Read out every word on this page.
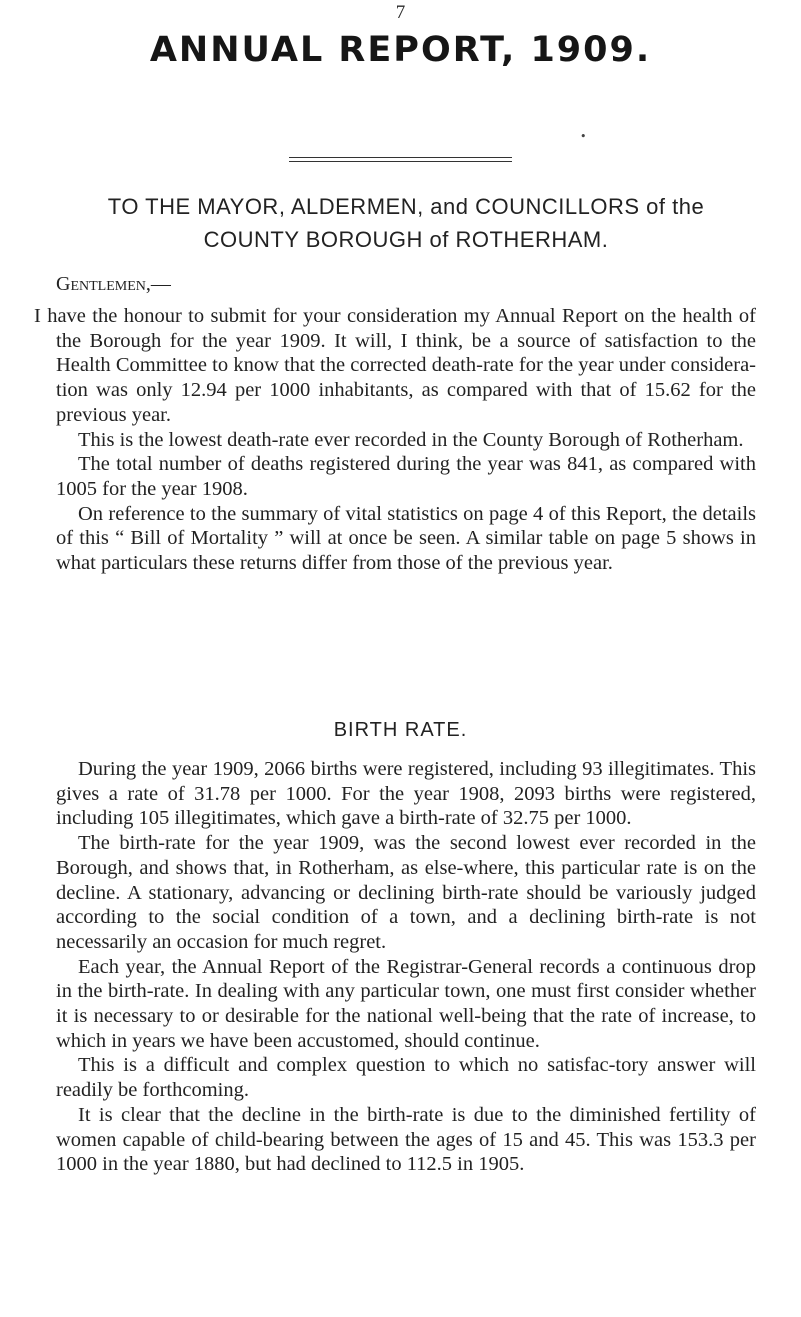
7
ANNUAL REPORT, 1909.
•
TO THE MAYOR, ALDERMEN, and COUNCILLORS of the
COUNTY BOROUGH of ROTHERHAM.
Gentlemen,—

I have the honour to submit for your consideration my Annual Report on the health of the Borough for the year 1909. It will, I think, be a source of satisfaction to the Health Committee to know that the corrected death-rate for the year under considera-tion was only 12.94 per 1000 inhabitants, as compared with that of 15.62 for the previous year.

This is the lowest death-rate ever recorded in the County Borough of Rotherham.

The total number of deaths registered during the year was 841, as compared with 1005 for the year 1908.

On reference to the summary of vital statistics on page 4 of this Report, the details of this “ Bill of Mortality ” will at once be seen. A similar table on page 5 shows in what particulars these returns differ from those of the previous year.

BIRTH RATE.

During the year 1909, 2066 births were registered, including 93 illegitimates. This gives a rate of 31.78 per 1000. For the year 1908, 2093 births were registered, including 105 illegitimates, which gave a birth-rate of 32.75 per 1000.

The birth-rate for the year 1909, was the second lowest ever recorded in the Borough, and shows that, in Rotherham, as else-where, this particular rate is on the decline. A stationary, advancing or declining birth-rate should be variously judged according to the social condition of a town, and a declining birth-rate is not necessarily an occasion for much regret.

Each year, the Annual Report of the Registrar-General records a continuous drop in the birth-rate. In dealing with any particular town, one must first consider whether it is necessary to or desirable for the national well-being that the rate of increase, to which in years we have been accustomed, should continue.

This is a difficult and complex question to which no satisfac-tory answer will readily be forthcoming.

It is clear that the decline in the birth-rate is due to the diminished fertility of women capable of child-bearing between the ages of 15 and 45. This was 153.3 per 1000 in the year 1880, but had declined to 112.5 in 1905.
